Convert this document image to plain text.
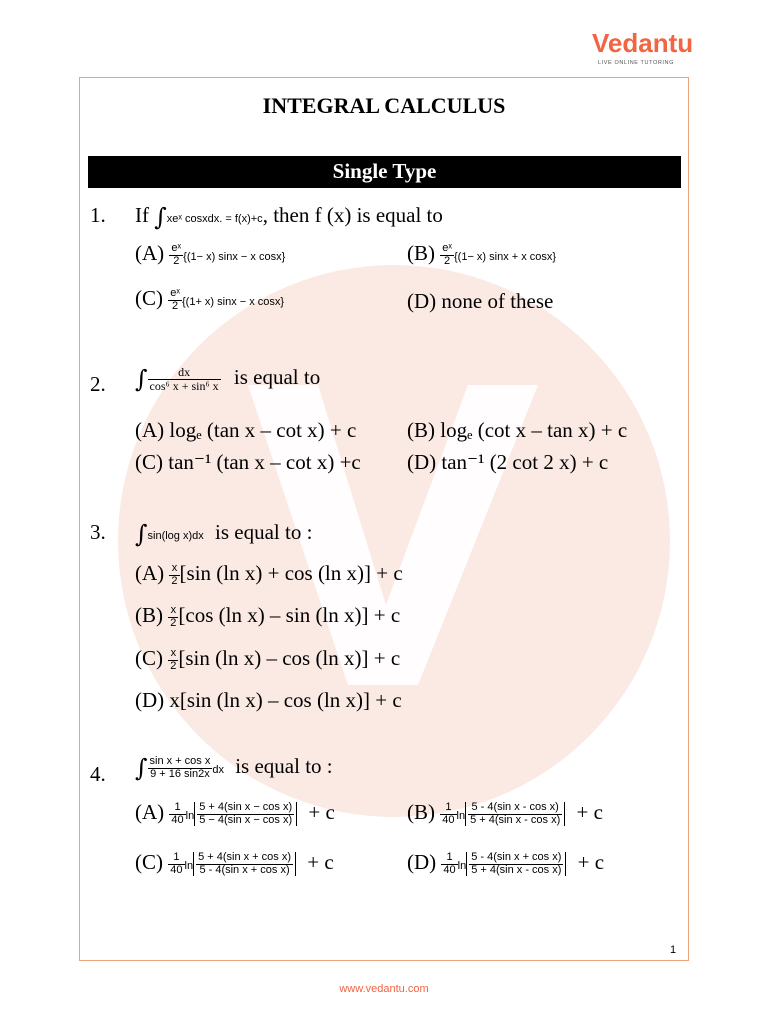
Vedantu
LIVE ONLINE TUTORING
INTEGRAL CALCULUS
Single Type
1. If ∫xeˣ cosxdx. = f(x)+c, then f (x) is equal to
$(A) \frac{\text{eˣ}}{2} \{(1- x) \sin x - x$ cosx}	$(B) \frac{\text{eˣ}}{2} \{(1- x) \sin x + x$ cosx}
$(C) \frac{\text{eˣ}}{2} \{(1+ x) \sin x - x$ cosx}	(D) none of these
2. ∫ $\frac{dx}{\text{cos⁶ x + sin⁶ x}}$ is equal to
(A) logₑ (tan x – cot x) + c (B) logₑ (cot x – tan x) + c
(C) tan⁻¹ (tan x – cot x) +c (D) tan⁻¹ (2 cot 2 x) + c
3. ∫sin(log x)dx is equal to :
$(A) \frac{x}{2} [\sin$ (ln x) + cos (ln x)] + c
$(B) \frac{x}{2} [\cos$ (ln x) – sin (ln x)] + c
$(C) \frac{x}{2} [\sin$ (ln x) – cos (ln x)] + c
(D) x[sin (ln x) – cos (ln x)] + c
4. ∫ $\frac{\text{sin x + cos x}}{9 + 16 \sin 2x}$ dx is equal to :
$(A) \frac{1}{40}$ $\ln \frac{\text{5 + 4(sin x − cos x)}}{\text{5 − 4(sin x − cos x)}} + c$	$(B) \frac{1}{40}$ $\ln \frac{\text{5 - 4(sin x - cos x)}}{\text{5 + 4(sin x - cos x)}} + c$
$(C) \frac{1}{40}$ $\ln \frac{\text{5 + 4(sin x + cos x)}}{\text{5 - 4(sin x + cos x)}} + c$	$(D) \frac{1}{40}$ $\ln \frac{\text{5 - 4(sin x + cos x)}}{\text{5 + 4(sin x - cos x)}} + c$
1
www.vedantu.com
